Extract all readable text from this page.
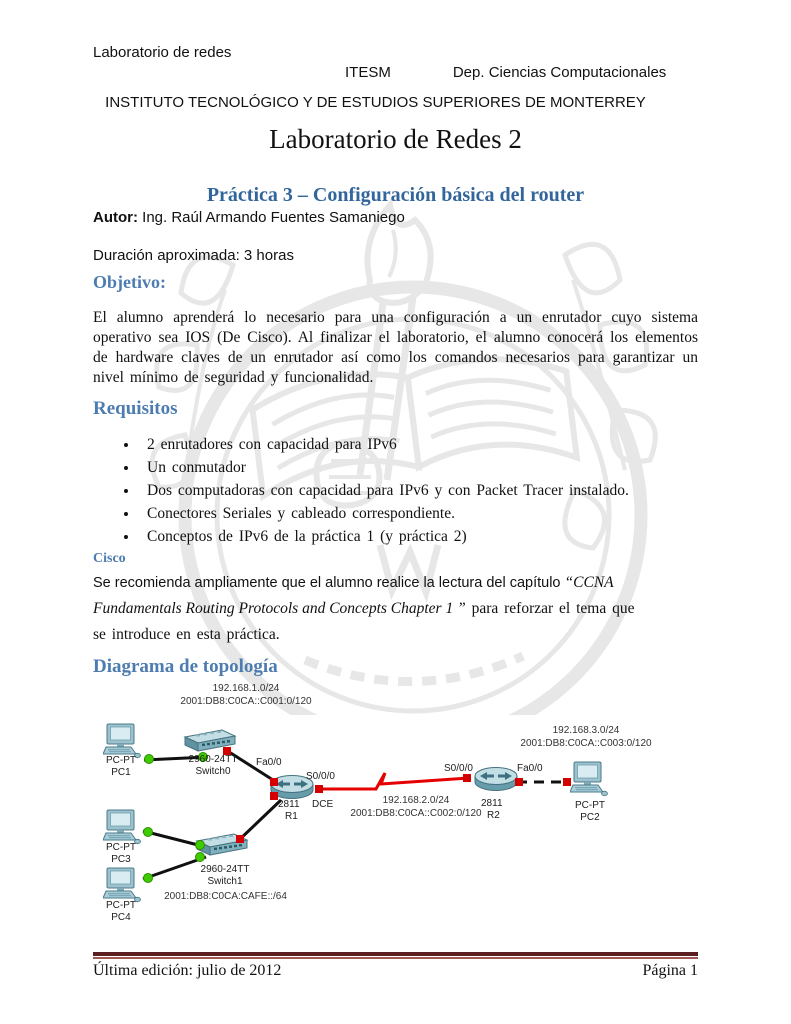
Laboratorio de redes
ITESM	Dep. Ciencias Computacionales
INSTITUTO TECNOLÓGICO Y DE ESTUDIOS SUPERIORES DE MONTERREY
Laboratorio de Redes 2
Práctica 3 – Configuración básica del router
Autor: Ing. Raúl Armando Fuentes Samaniego
Duración aproximada: 3 horas
Objetivo:
El alumno aprenderá lo necesario para una configuración a un enrutador cuyo sistema operativo sea IOS (De Cisco). Al finalizar el laboratorio, el alumno conocerá los elementos de hardware claves de un enrutador así como los comandos necesarios para garantizar un nivel mínimo de seguridad y funcionalidad.
Requisitos
• 2 enrutadores con capacidad para IPv6
• Un conmutador
• Dos computadoras con capacidad para IPv6 y con Packet Tracer instalado.
• Conectores Seriales y cableado correspondiente.
• Conceptos de IPv6 de la práctica 1 (y práctica 2)
Cisco
Se recomienda ampliamente que el alumno realice la lectura del capítulo “CCNA
Fundamentals Routing Protocols and Concepts Chapter 1 ” para reforzar el tema que
se introduce en esta práctica.
Diagrama de topología
192.168.1.0/24
2001:DB8:C0CA::C001:0/120
192.168.2.0/24
2001:DB8:C0CA::C002:0/120
192.168.3.0/24
2001:DB8:C0CA::C003:0/120
2001:DB8:C0CA:CAFE::/64
Fa0/0
S0/0/0
S0/0/0	Fa0/0
PC-PT
PC1
2960-24TT
Switch0
2811 DCE
R1
2811
R2
PC-PT
PC2
PC-PT
PC3
2960-24TT
Switch1
PC-PT
PC4
Última edición: julio de 2012	Página 1
